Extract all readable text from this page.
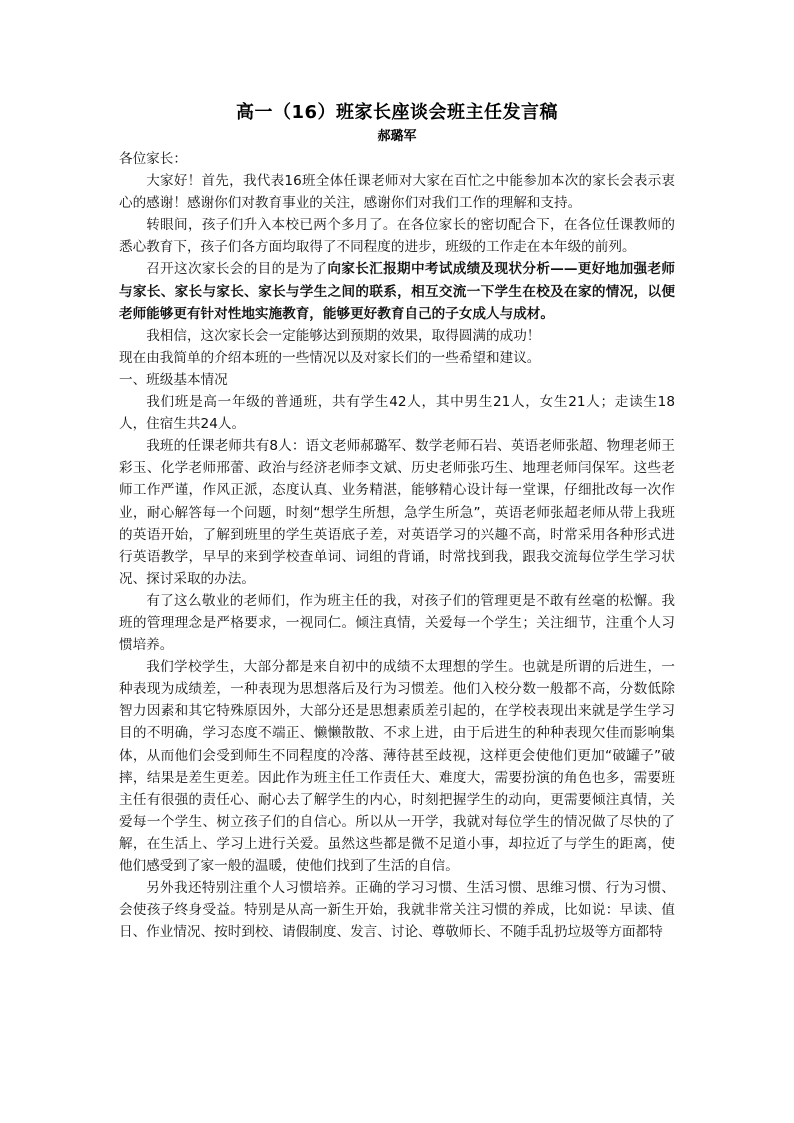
高一（16）班家长座谈会班主任发言稿
郝璐军

各位家长：

大家好！首先，我代表16班全体任课老师对大家在百忙之中能参加本次的家长会表示衷心的感谢！感谢你们对教育事业的关注，感谢你们对我们工作的理解和支持。

转眼间，孩子们升入本校已两个多月了。在各位家长的密切配合下，在各位任课教师的悉心教育下，孩子们各方面均取得了不同程度的进步，班级的工作走在本年级的前列。

召开这次家长会的目的是为了向家长汇报期中考试成绩及现状分析——更好地加强老师与家长、家长与家长、家长与学生之间的联系，相互交流一下学生在校及在家的情况，以便老师能够更有针对性地实施教育，能够更好教育自己的子女成人与成材。

我相信，这次家长会一定能够达到预期的效果，取得圆满的成功！

现在由我简单的介绍本班的一些情况以及对家长们的一些希望和建议。

一、班级基本情况

我们班是高一年级的普通班，共有学生42人，其中男生21人，女生21人；走读生18人，住宿生共24人。

我班的任课老师共有8人：语文老师郝璐军、数学老师石岩、英语老师张超、物理老师王彩玉、化学老师邢蕾、政治与经济老师李文斌、历史老师张巧生、地理老师闫保军。这些老师工作严谨，作风正派，态度认真、业务精湛，能够精心设计每一堂课，仔细批改每一次作业，耐心解答每一个问题，时刻“想学生所想，急学生所急”，英语老师张超老师从带上我班的英语开始，了解到班里的学生英语底子差，对英语学习的兴趣不高，时常采用各种形式进行英语教学，早早的来到学校查单词、词组的背诵，时常找到我，跟我交流每位学生学习状况、探讨采取的办法。

有了这么敬业的老师们，作为班主任的我，对孩子们的管理更是不敢有丝毫的松懈。我班的管理理念是严格要求，一视同仁。倾注真情，关爱每一个学生；关注细节，注重个人习惯培养。

我们学校学生，大部分都是来自初中的成绩不太理想的学生。也就是所谓的后进生，一种表现为成绩差，一种表现为思想落后及行为习惯差。他们入校分数一般都不高，分数低除智力因素和其它特殊原因外，大部分还是思想素质差引起的，在学校表现出来就是学生学习目的不明确，学习态度不端正、懒懒散散、不求上进，由于后进生的种种表现欠佳而影响集体，从而他们会受到师生不同程度的冷落、薄待甚至歧视，这样更会使他们更加“破罐子”破摔，结果是差生更差。因此作为班主任工作责任大、难度大，需要扮演的角色也多，需要班主任有很强的责任心、耐心去了解学生的内心，时刻把握学生的动向，更需要倾注真情，关爱每一个学生、树立孩子们的自信心。所以从一开学，我就对每位学生的情况做了尽快的了解，在生活上、学习上进行关爱。虽然这些都是微不足道小事，却拉近了与学生的距离，使他们感受到了家一般的温暖，使他们找到了生活的自信。

另外我还特别注重个人习惯培养。正确的学习习惯、生活习惯、思维习惯、行为习惯、会使孩子终身受益。特别是从高一新生开始，我就非常关注习惯的养成，比如说：早读、值日、作业情况、按时到校、请假制度、发言、讨论、尊敬师长、不随手乱扔垃圾等方面都特
